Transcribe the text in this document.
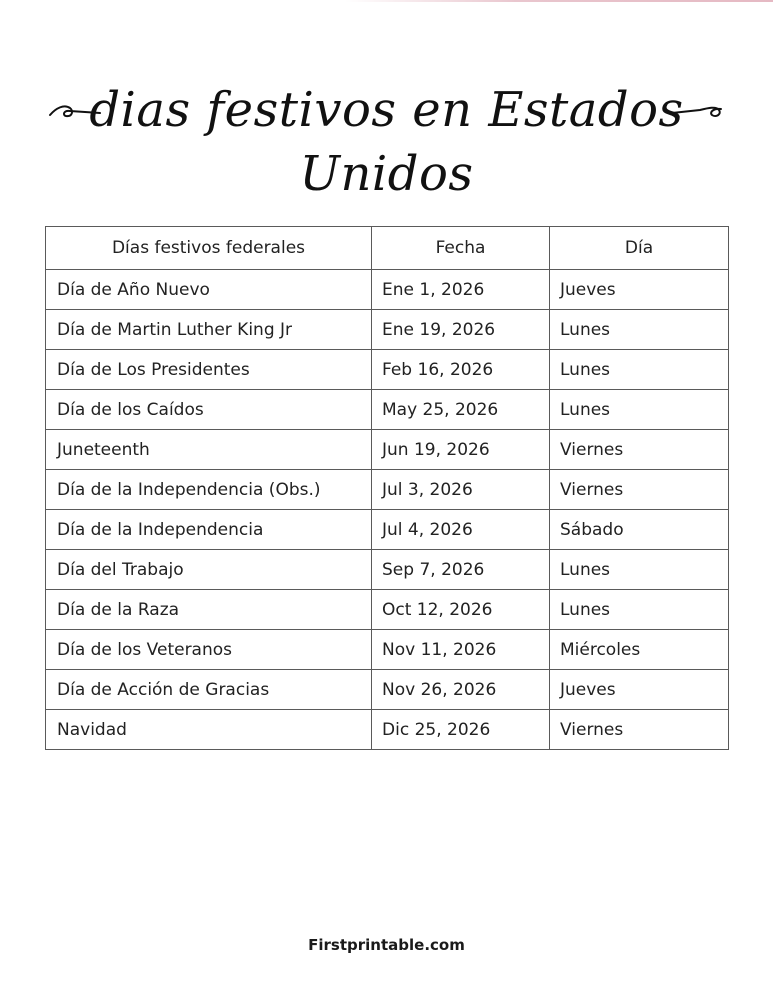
dias festivos en Estados Unidos
Días festivos federales	Fecha	Día
Día de Año Nuevo	Ene 1, 2026	Jueves
Día de Martin Luther King Jr	Ene 19, 2026	Lunes
Día de Los Presidentes	Feb 16, 2026	Lunes
Día de los Caídos	May 25, 2026	Lunes
Juneteenth	Jun 19, 2026	Viernes
Día de la Independencia (Obs.)	Jul 3, 2026	Viernes
Día de la Independencia	Jul 4, 2026	Sábado
Día del Trabajo	Sep 7, 2026	Lunes
Día de la Raza	Oct 12, 2026	Lunes
Día de los Veteranos	Nov 11, 2026	Miércoles
Día de Acción de Gracias	Nov 26, 2026	Jueves
Navidad	Dic 25, 2026	Viernes
Firstprintable.com
